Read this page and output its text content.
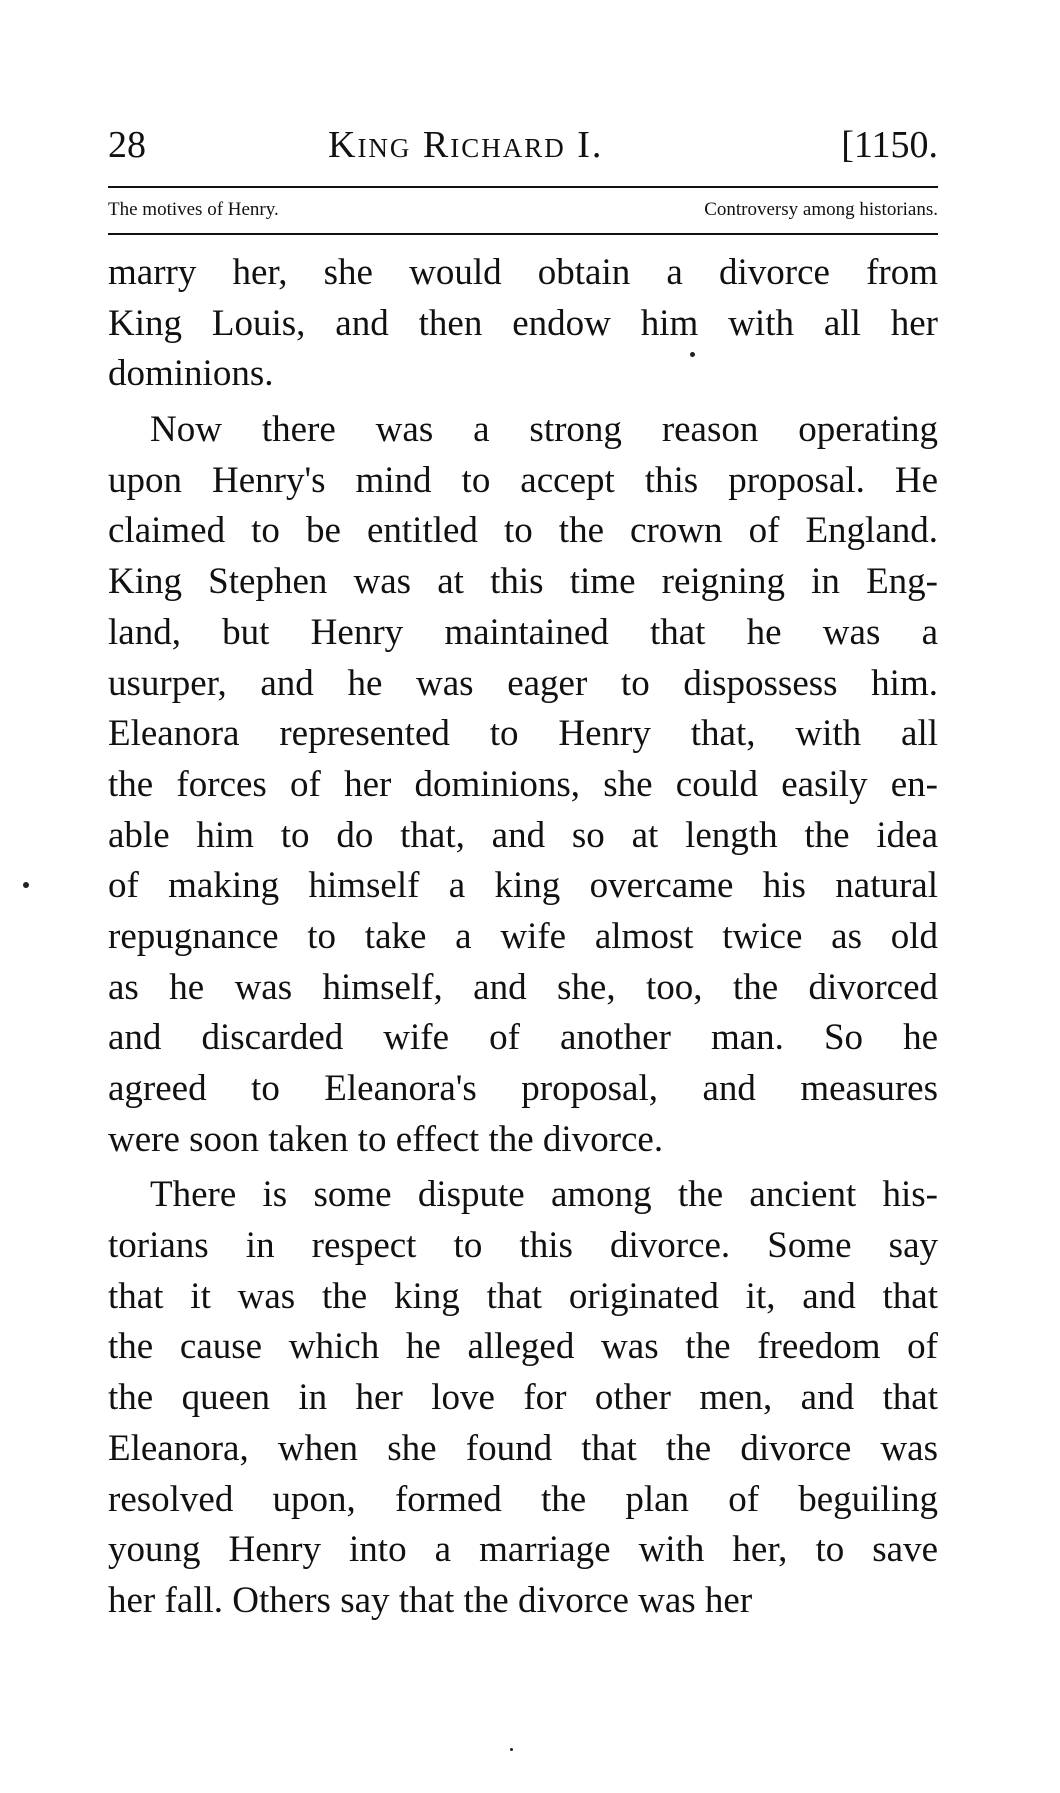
28	King Richard I.	[1150.
The motives of Henry.	Controversy among historians.
marry her, she would obtain a divorce from
King Louis, and then endow him with all her
dominions.
Now there was a strong reason operating
upon Henry's mind to accept this proposal. He
claimed to be entitled to the crown of England.
King Stephen was at this time reigning in Eng-
land, but Henry maintained that he was a
usurper, and he was eager to dispossess him.
Eleanora represented to Henry that, with all
the forces of her dominions, she could easily en-
able him to do that, and so at length the idea
of making himself a king overcame his natural
repugnance to take a wife almost twice as old
as he was himself, and she, too, the divorced
and discarded wife of another man. So he
agreed to Eleanora's proposal, and measures
were soon taken to effect the divorce.
There is some dispute among the ancient his-
torians in respect to this divorce. Some say
that it was the king that originated it, and that
the cause which he alleged was the freedom of
the queen in her love for other men, and that
Eleanora, when she found that the divorce was
resolved upon, formed the plan of beguiling
young Henry into a marriage with her, to save
her fall. Others say that the divorce was her
